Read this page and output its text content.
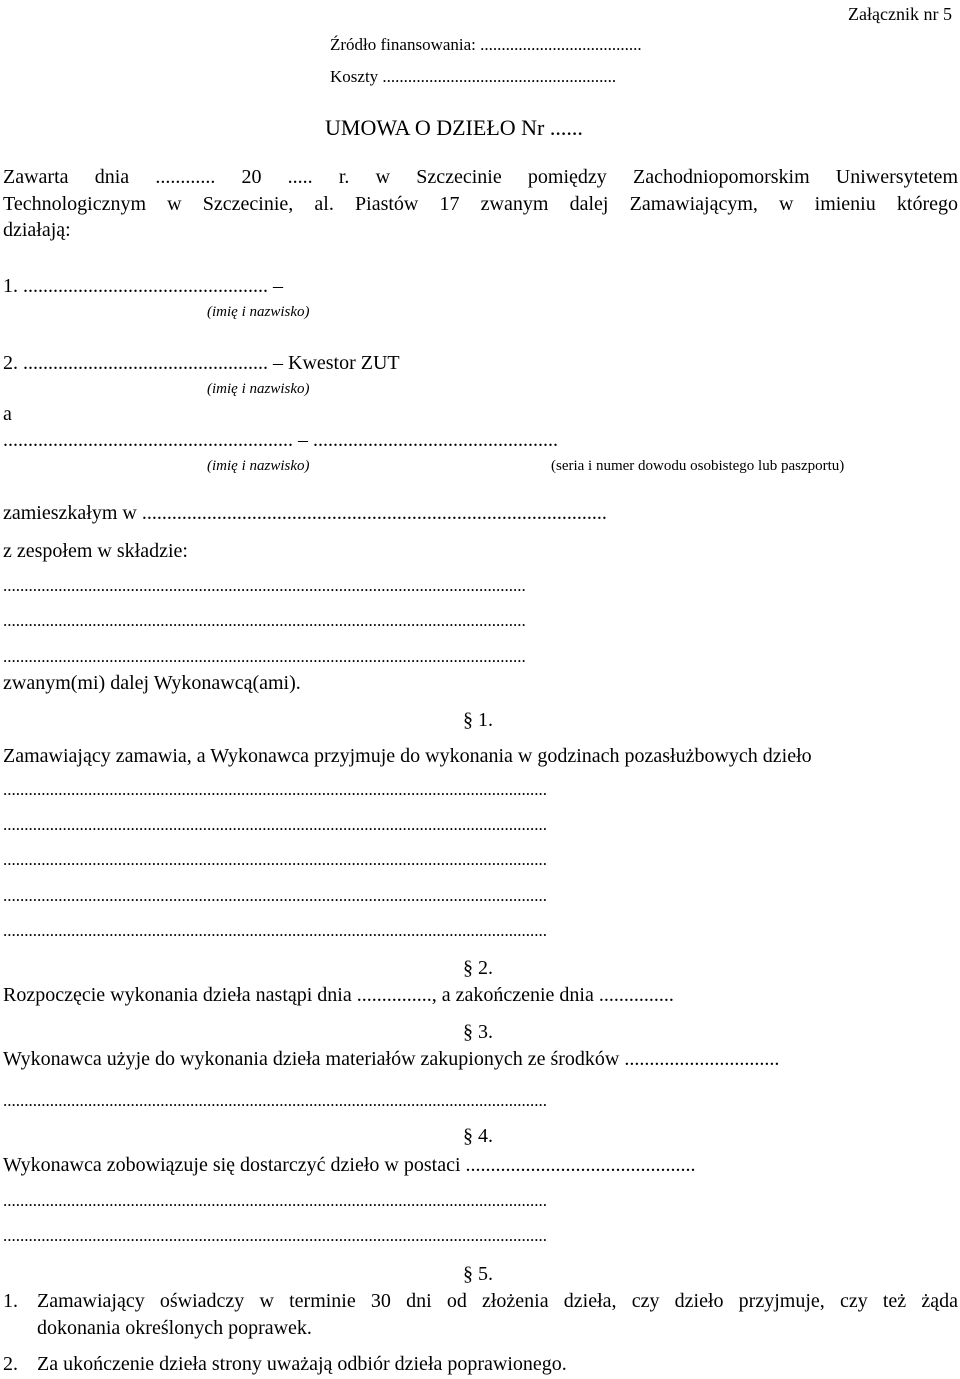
Załącznik nr 5
Źródło finansowania: ......................................
Koszty .......................................................
UMOWA O DZIEŁO Nr ......
Zawarta dnia ............ 20 ..... r. w Szczecinie pomiędzy Zachodniopomorskim Uniwersytetem
Technologicznym w Szczecinie, al. Piastów 17 zwanym dalej Zamawiającym, w imieniu którego
działają:
1. ................................................. –
(imię i nazwisko)
2. ................................................. – Kwestor ZUT
(imię i nazwisko)
a
.......................................................... – .................................................
(imię i nazwisko)	(seria i numer dowodu osobistego lub paszportu)
zamieszkałym w .............................................................................................
z zespołem w składzie:
...........................................................................................................................
...........................................................................................................................
...........................................................................................................................
zwanym(mi) dalej Wykonawcą(ami).
§ 1.
Zamawiający zamawia, a Wykonawca przyjmuje do wykonania w godzinach pozasłużbowych dzieło
................................................................................................................................
................................................................................................................................
................................................................................................................................
................................................................................................................................
................................................................................................................................
§ 2.
Rozpoczęcie wykonania dzieła nastąpi dnia ..............., a zakończenie dnia ...............
§ 3.
Wykonawca użyje do wykonania dzieła materiałów zakupionych ze środków ...............................
................................................................................................................................
§ 4.
Wykonawca zobowiązuje się dostarczyć dzieło w postaci ..............................................
................................................................................................................................
................................................................................................................................
§ 5.
1. Zamawiający oświadczy w terminie 30 dni od złożenia dzieła, czy dzieło przyjmuje, czy też żąda
dokonania określonych poprawek.
2. Za ukończenie dzieła strony uważają odbiór dzieła poprawionego.
